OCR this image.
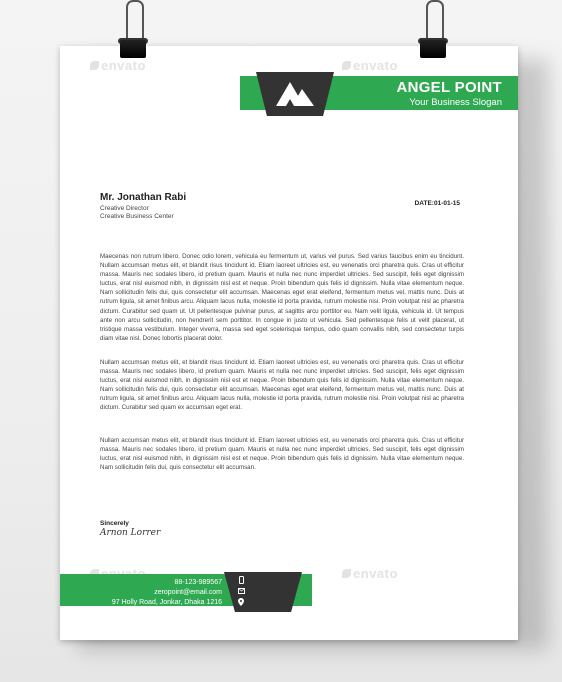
envato	envato
envato
ANGEL POINT
Your Business Slogan
Mr. Jonathan Rabi
Creative Director
Creative Business Center
DATE:01-01-15

Maecenas non rutrum libero. Donec odio lorem, vehicula eu fermentum ut, varius vel purus. Sed varius faucibus enim eu tincidunt. Nullam accumsan metus elit, et blandit risus tincidunt id. Etiam laoreet ultricies est, eu venenatis orci pharetra quis. Cras ut efficitur massa. Mauris nec sodales libero, id pretium quam. Mauris et nulla nec nunc imperdiet ultricies. Sed suscipit, felis eget dignissim luctus, erat nisl euismod nibh, in dignissim nisl est et neque. Proin bibendum quis felis id dignissim. Nulla vitae elementum neque. Nam sollicitudin felis dui, quis consectetur elit accumsan. Maecenas eget erat eleifend, fermentum metus vel, mattis nunc. Duis at rutrum ligula, sit amet finibus arcu. Aliquam lacus nulla, molestie id porta pravida, rutrum molestie nisi. Proin volutpat nisl ac pharetra dictum. Curabitur sed quam ut. Ut pellentesque pulvinar purus, at sagittis arcu porttitor eu. Nam velit ligula, vehicula id. Ut tempus ante non arcu sollicitudin, non hendrerit sem porttitor. In congue in justo ut vehicula. Sed pellentesque felis ut velit placerat, ut tristique massa vestibulum. Integer viverra, massa sed eget scelerisque tempus, odio quam convallis nibh, sed consectetur turpis diam vitae nisl. Donec lobortis placerat dolor.

Nullam accumsan metus elit, et blandit risus tincidunt id. Etiam laoreet ultricies est, eu venenatis orci pharetra quis. Cras ut efficitur massa. Mauris nec sodales libero, id pretium quam. Mauris et nulla nec nunc imperdiet ultricies. Sed suscipit, felis eget dignissim luctus, erat nisl euismod nibh, in dignissim nisl est et neque. Proin bibendum quis felis id dignissim. Nulla vitae elementum neque. Nam sollicitudin felis dui, quis consectetur elit accumsan. Maecenas eget erat eleifend, fermentum metus vel, mattis nunc. Duis at rutrum ligula, sit amet finibus arcu. Aliquam lacus nulla, molestie id porta pravida, rutrum molestie nisi. Proin volutpat nisl ac pharetra dictum. Curabitur sed quam ex accumsan eget erat.

Nullam accumsan metus elit, et blandit risus tincidunt id. Etiam laoreet ultricies est, eu venenatis orci pharetra quis. Cras ut efficitur massa. Mauris nec sodales libero, id pretium quam. Mauris et nulla nec nunc imperdiet ultricies. Sed suscipit, felis eget dignissim luctus, erat nisl euismod nibh, in dignissim nisl est et neque. Proin bibendum quis felis id dignissim. Nulla vitae elementum neque. Nam sollicitudin felis dui, quis consectetur elit accumsan.

Sincerely
Arnon Lorrer
88-123-989567
zeropoint@email.com
97 Holly Road, Jonkar, Dhaka 1216
